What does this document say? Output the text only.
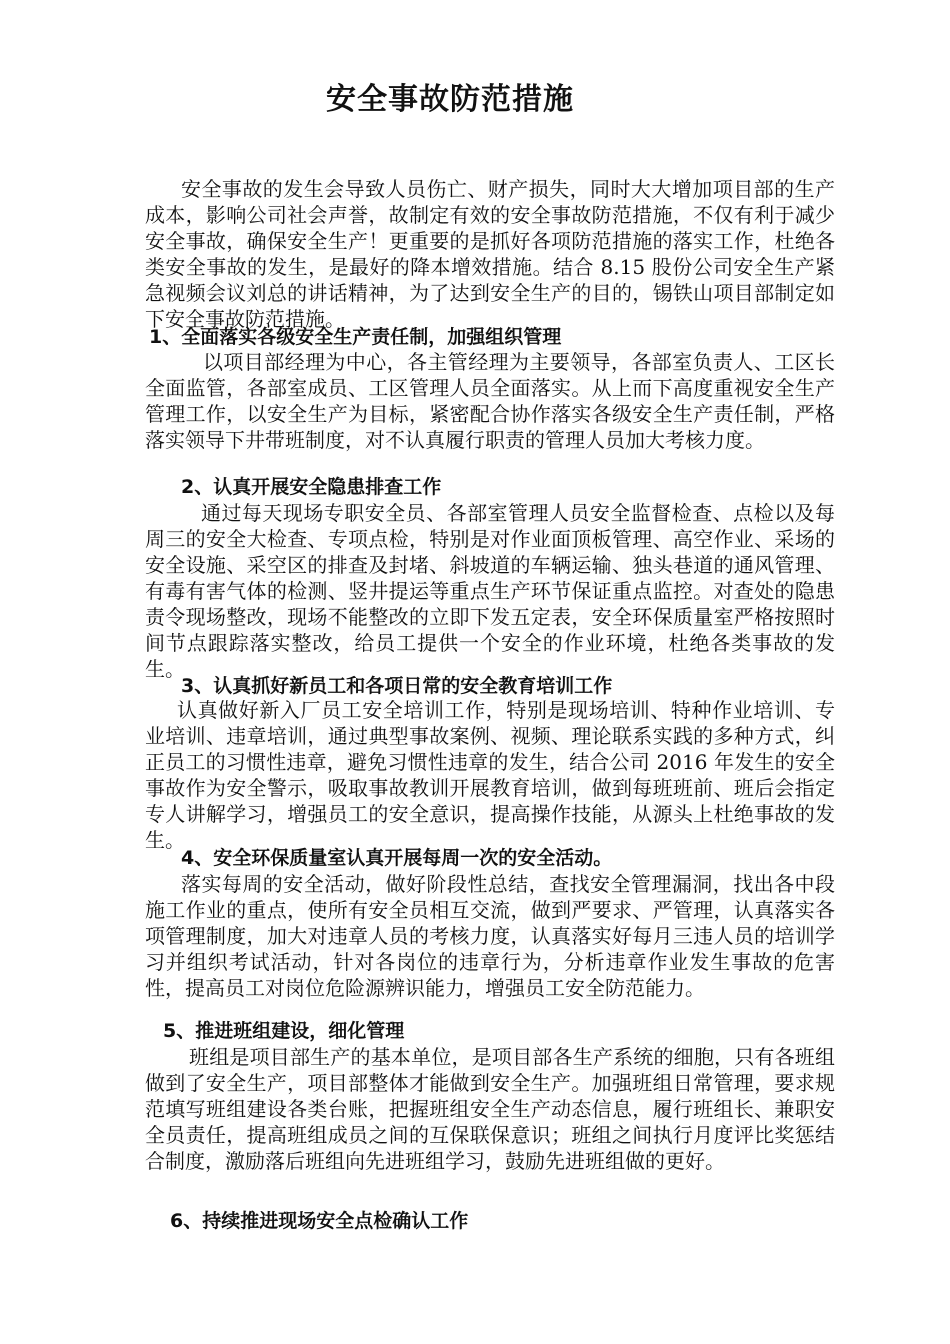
安全事故防范措施

安全事故的发生会导致人员伤亡、财产损失，同时大大增加项目部的生产成本，影响公司社会声誉，故制定有效的安全事故防范措施，不仅有利于减少安全事故，确保安全生产！更重要的是抓好各项防范措施的落实工作，杜绝各类安全事故的发生，是最好的降本增效措施。结合 8.15 股份公司安全生产紧急视频会议刘总的讲话精神，为了达到安全生产的目的，锡铁山项目部制定如下安全事故防范措施。

1、全面落实各级安全生产责任制，加强组织管理

以项目部经理为中心，各主管经理为主要领导，各部室负责人、工区长全面监管，各部室成员、工区管理人员全面落实。从上而下高度重视安全生产管理工作，以安全生产为目标，紧密配合协作落实各级安全生产责任制，严格落实领导下井带班制度，对不认真履行职责的管理人员加大考核力度。

2、认真开展安全隐患排查工作

通过每天现场专职安全员、各部室管理人员安全监督检查、点检以及每周三的安全大检查、专项点检，特别是对作业面顶板管理、高空作业、采场的安全设施、采空区的排查及封堵、斜坡道的车辆运输、独头巷道的通风管理、有毒有害气体的检测、竖井提运等重点生产环节保证重点监控。对查处的隐患责令现场整改，现场不能整改的立即下发五定表，安全环保质量室严格按照时间节点跟踪落实整改，给员工提供一个安全的作业环境，杜绝各类事故的发生。

3、认真抓好新员工和各项日常的安全教育培训工作

认真做好新入厂员工安全培训工作，特别是现场培训、特种作业培训、专业培训、违章培训，通过典型事故案例、视频、理论联系实践的多种方式，纠正员工的习惯性违章，避免习惯性违章的发生，结合公司 2016 年发生的安全事故作为安全警示，吸取事故教训开展教育培训，做到每班班前、班后会指定专人讲解学习，增强员工的安全意识，提高操作技能，从源头上杜绝事故的发生。

4、安全环保质量室认真开展每周一次的安全活动。

落实每周的安全活动，做好阶段性总结，查找安全管理漏洞，找出各中段施工作业的重点，使所有安全员相互交流，做到严要求、严管理，认真落实各项管理制度，加大对违章人员的考核力度，认真落实好每月三违人员的培训学习并组织考试活动，针对各岗位的违章行为，分析违章作业发生事故的危害性，提高员工对岗位危险源辨识能力，增强员工安全防范能力。

5、推进班组建设，细化管理

班组是项目部生产的基本单位，是项目部各生产系统的细胞，只有各班组做到了安全生产，项目部整体才能做到安全生产。加强班组日常管理，要求规范填写班组建设各类台账，把握班组安全生产动态信息，履行班组长、兼职安全员责任，提高班组成员之间的互保联保意识；班组之间执行月度评比奖惩结合制度，激励落后班组向先进班组学习，鼓励先进班组做的更好。

6、持续推进现场安全点检确认工作
